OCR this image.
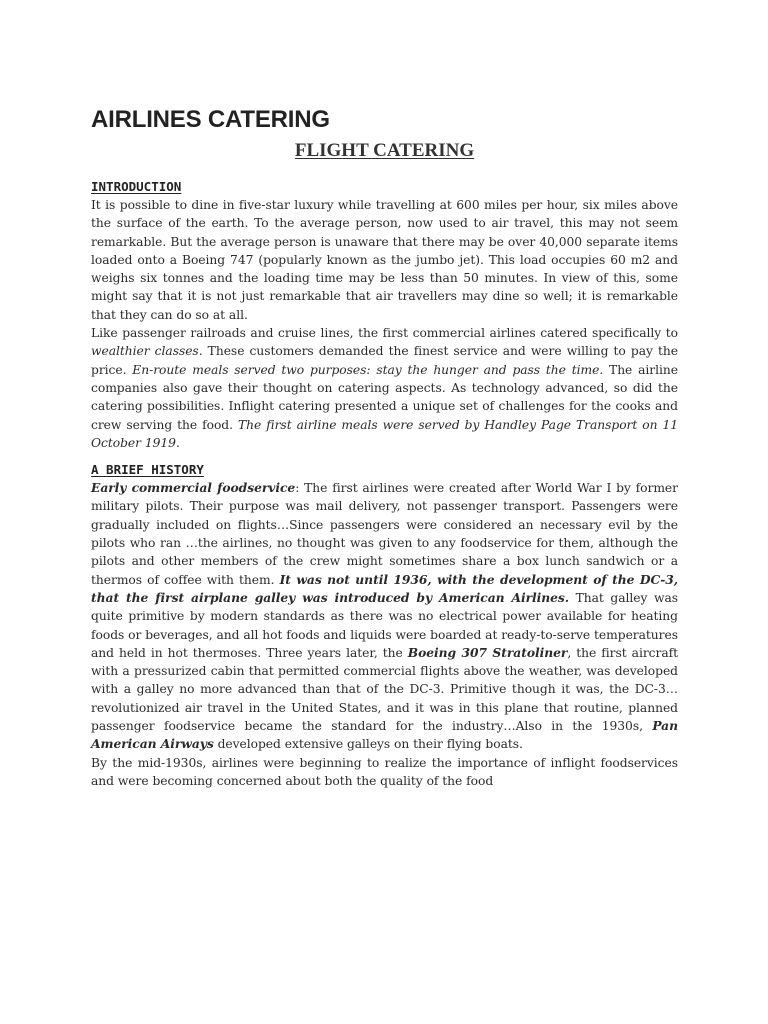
AIRLINES CATERING
FLIGHT CATERING
INTRODUCTION

It is possible to dine in five-star luxury while travelling at 600 miles per hour, six miles above the surface of the earth. To the average person, now used to air travel, this may not seem remarkable. But the average person is unaware that there may be over 40,000 separate items loaded onto a Boeing 747 (popularly known as the jumbo jet). This load occupies 60 m2 and weighs six tonnes and the loading time may be less than 50 minutes. In view of this, some might say that it is not just remarkable that air travellers may dine so well; it is remarkable that they can do so at all.

Like passenger railroads and cruise lines, the first commercial airlines catered specifically to wealthier classes. These customers demanded the finest service and were willing to pay the price. En-route meals served two purposes: stay the hunger and pass the time. The airline companies also gave their thought on catering aspects. As technology advanced, so did the catering possibilities. Inflight catering presented a unique set of challenges for the cooks and crew serving the food. The first airline meals were served by Handley Page Transport on 11 October 1919.

A BRIEF HISTORY

Early commercial foodservice: The first airlines were created after World War I by former military pilots. Their purpose was mail delivery, not passenger transport. Passengers were gradually included on flights…Since passengers were considered an necessary evil by the pilots who ran …the airlines, no thought was given to any foodservice for them, although the pilots and other members of the crew might sometimes share a box lunch sandwich or a thermos of coffee with them. It was not until 1936, with the development of the DC-3, that the first airplane galley was introduced by American Airlines. That galley was quite primitive by modern standards as there was no electrical power available for heating foods or beverages, and all hot foods and liquids were boarded at ready-to-serve temperatures and held in hot thermoses. Three years later, the Boeing 307 Stratoliner, the first aircraft with a pressurized cabin that permitted commercial flights above the weather, was developed with a galley no more advanced than that of the DC-3. Primitive though it was, the DC-3…revolutionized air travel in the United States, and it was in this plane that routine, planned passenger foodservice became the standard for the industry…Also in the 1930s, Pan American Airways developed extensive galleys on their flying boats.

By the mid-1930s, airlines were beginning to realize the importance of inflight foodservices and were becoming concerned about both the quality of the food
